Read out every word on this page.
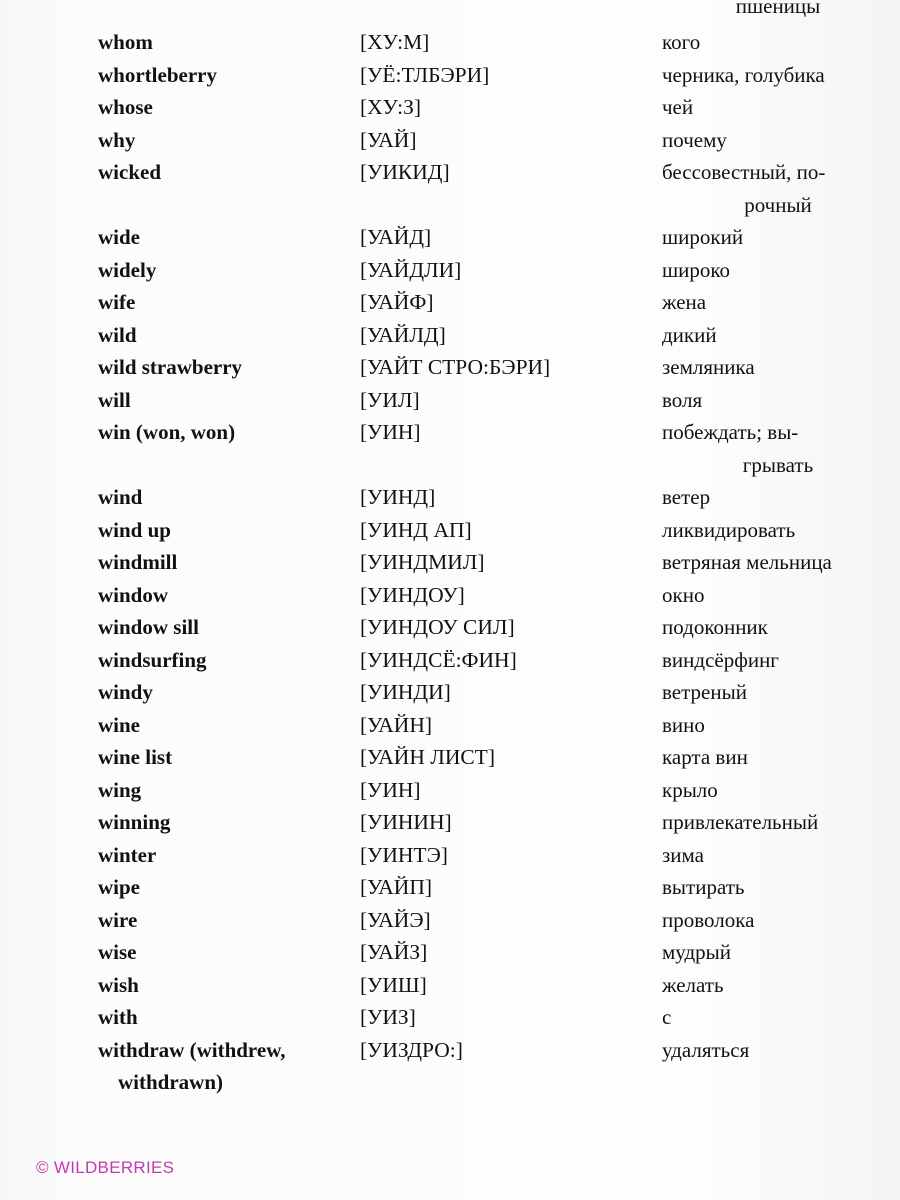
пшеницы
whom	[ХУ:М]	кого
whortleberry	[УЁ:ТЛБЭРИ]	черника, голубика
whose	[ХУ:З]	чей
why	[УАЙ]	почему
wicked	[УИКИД]	бессовестный, по-
рочный
wide	[УАЙД]	широкий
widely	[УАЙДЛИ]	широко
wife	[УАЙФ]	жена
wild	[УАЙЛД]	дикий
wild strawberry	[УАЙТ СТРО:БЭРИ]	земляника
will	[УИЛ]	воля
win (won, won)	[УИН]	побеждать; вы-
грывать
wind	[УИНД]	ветер
wind up	[УИНД АП]	ликвидировать
windmill	[УИНДМИЛ]	ветряная мельница
window	[УИНДОУ]	окно
window sill	[УИНДОУ СИЛ]	подоконник
windsurfing	[УИНДСЁ:ФИН]	виндсёрфинг
windy	[УИНДИ]	ветреный
wine	[УАЙН]	вино
wine list	[УАЙН ЛИСТ]	карта вин
wing	[УИН]	крыло
winning	[УИНИН]	привлекательный
winter	[УИНТЭ]	зима
wipe	[УАЙП]	вытирать
wire	[УАЙЭ]	проволока
wise	[УАЙЗ]	мудрый
wish	[УИШ]	желать
with	[УИЗ]	с
withdraw (withdrew,	[УИЗДРО:]	удаляться
withdrawn)
© WILDBERRIES
